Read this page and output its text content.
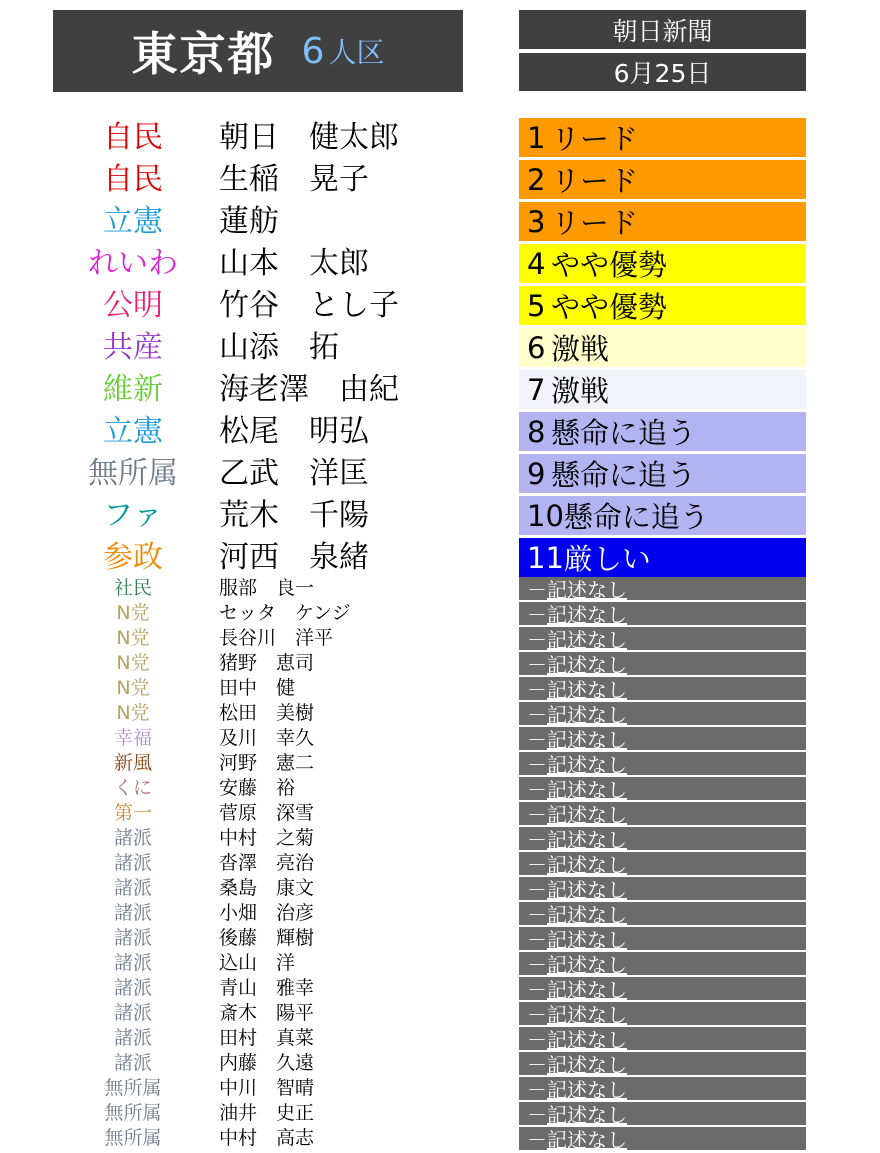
東京都 6 人区
朝日新聞
6月25日
自民	朝日　健太郎	1 リード
自民	生稲　晃子	2 リード
立憲	蓮舫	3 リード
れいわ	山本　太郎	4 やや優勢
公明	竹谷　とし子	5 やや優勢
共産	山添　拓	6 激戦
維新	海老澤　由紀	7 激戦
立憲	松尾　明弘	8 懸命に追う
無所属	乙武　洋匡	9 懸命に追う
ファ	荒木　千陽	10 懸命に追う
参政	河西　泉緒	11 厳しい
社民	服部　良一	－ 記述なし
N党	セッタ　ケンジ	－ 記述なし
N党	長谷川　洋平	－ 記述なし
N党	猪野　恵司	－ 記述なし
N党	田中　健	－ 記述なし
N党	松田　美樹	－ 記述なし
幸福	及川　幸久	－ 記述なし
新風	河野　憲二	－ 記述なし
くに	安藤　裕	－ 記述なし
第一	菅原　深雪	－ 記述なし
諸派	中村　之菊	－ 記述なし
諸派	沓澤　亮治	－ 記述なし
諸派	桑島　康文	－ 記述なし
諸派	小畑　治彦	－ 記述なし
諸派	後藤　輝樹	－ 記述なし
諸派	込山　洋	－ 記述なし
諸派	青山　雅幸	－ 記述なし
諸派	斎木　陽平	－ 記述なし
諸派	田村　真菜	－ 記述なし
諸派	内藤　久遠	－ 記述なし
無所属	中川　智晴	－ 記述なし
無所属	油井　史正	－ 記述なし
無所属	中村　高志	－ 記述なし
